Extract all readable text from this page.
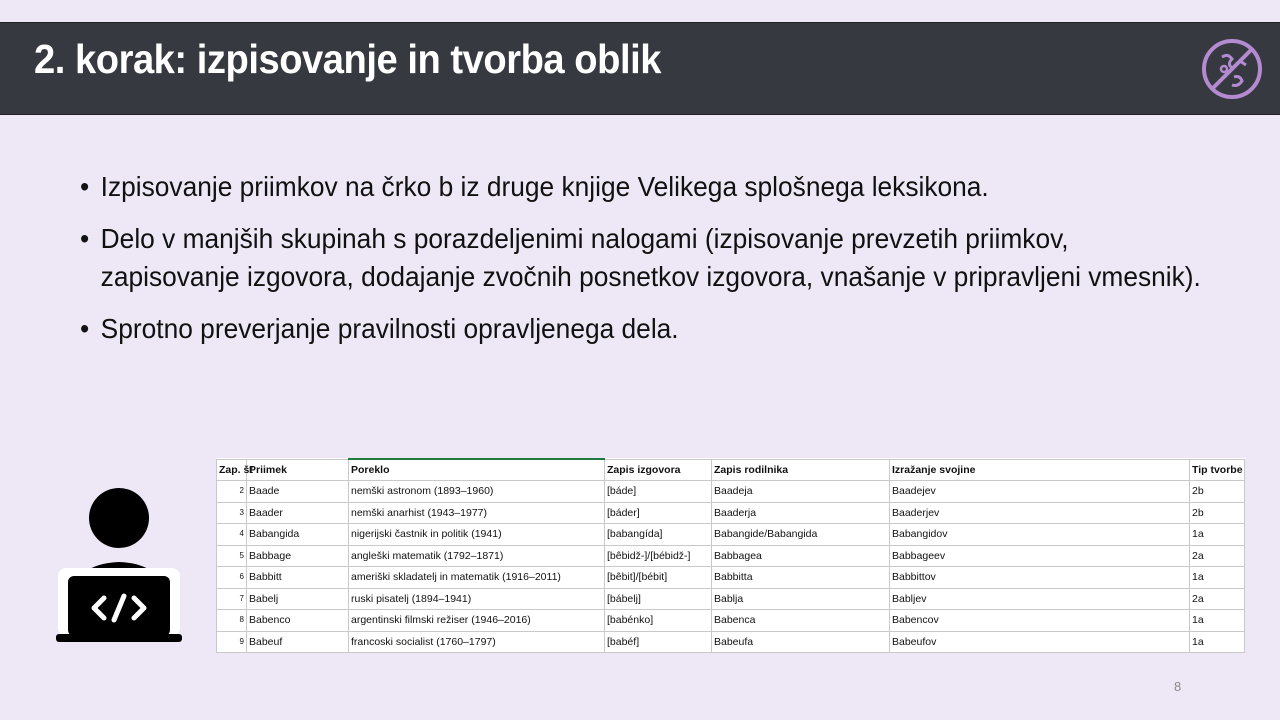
2. korak: izpisovanje in tvorba oblik
• Izpisovanje priimkov na črko b iz druge knjige Velikega splošnega leksikona.
• Delo v manjših skupinah s porazdeljenimi nalogami (izpisovanje prevzetih priimkov, zapisovanje izgovora, dodajanje zvočnih posnetkov izgovora, vnašanje v pripravljeni vmesnik).
• Sprotno preverjanje pravilnosti opravljenega dela.
Zap. št	Priimek	Poreklo	Zapis izgovora	Zapis rodilnika	Izražanje svojine	Tip tvorbe
2	Baade	nemški astronom (1893–1960)	[báde]	Baadeja	Baadejev	2b
3	Baader	nemški anarhist (1943–1977)	[báder]	Baaderja	Baaderjev	2b
4	Babangida	nigerijski častnik in politik (1941)	[babangída]	Babangide/Babangida	Babangidov	1a
5	Babbage	angleški matematik (1792–1871)	[bêbidž-]/[bébidž-]	Babbagea	Babbageev	2a
6	Babbitt	ameriški skladatelj in matematik (1916–2011)	[bêbit]/[bébit]	Babbitta	Babbittov	1a
7	Babelj	ruski pisatelj (1894–1941)	[bábelj]	Bablja	Babljev	2a
8	Babenco	argentinski filmski režiser (1946–2016)	[babénko]	Babenca	Babencov	1a
9	Babeuf	francoski socialist (1760–1797)	[babéf]	Babeufa	Babeufov	1a
8
